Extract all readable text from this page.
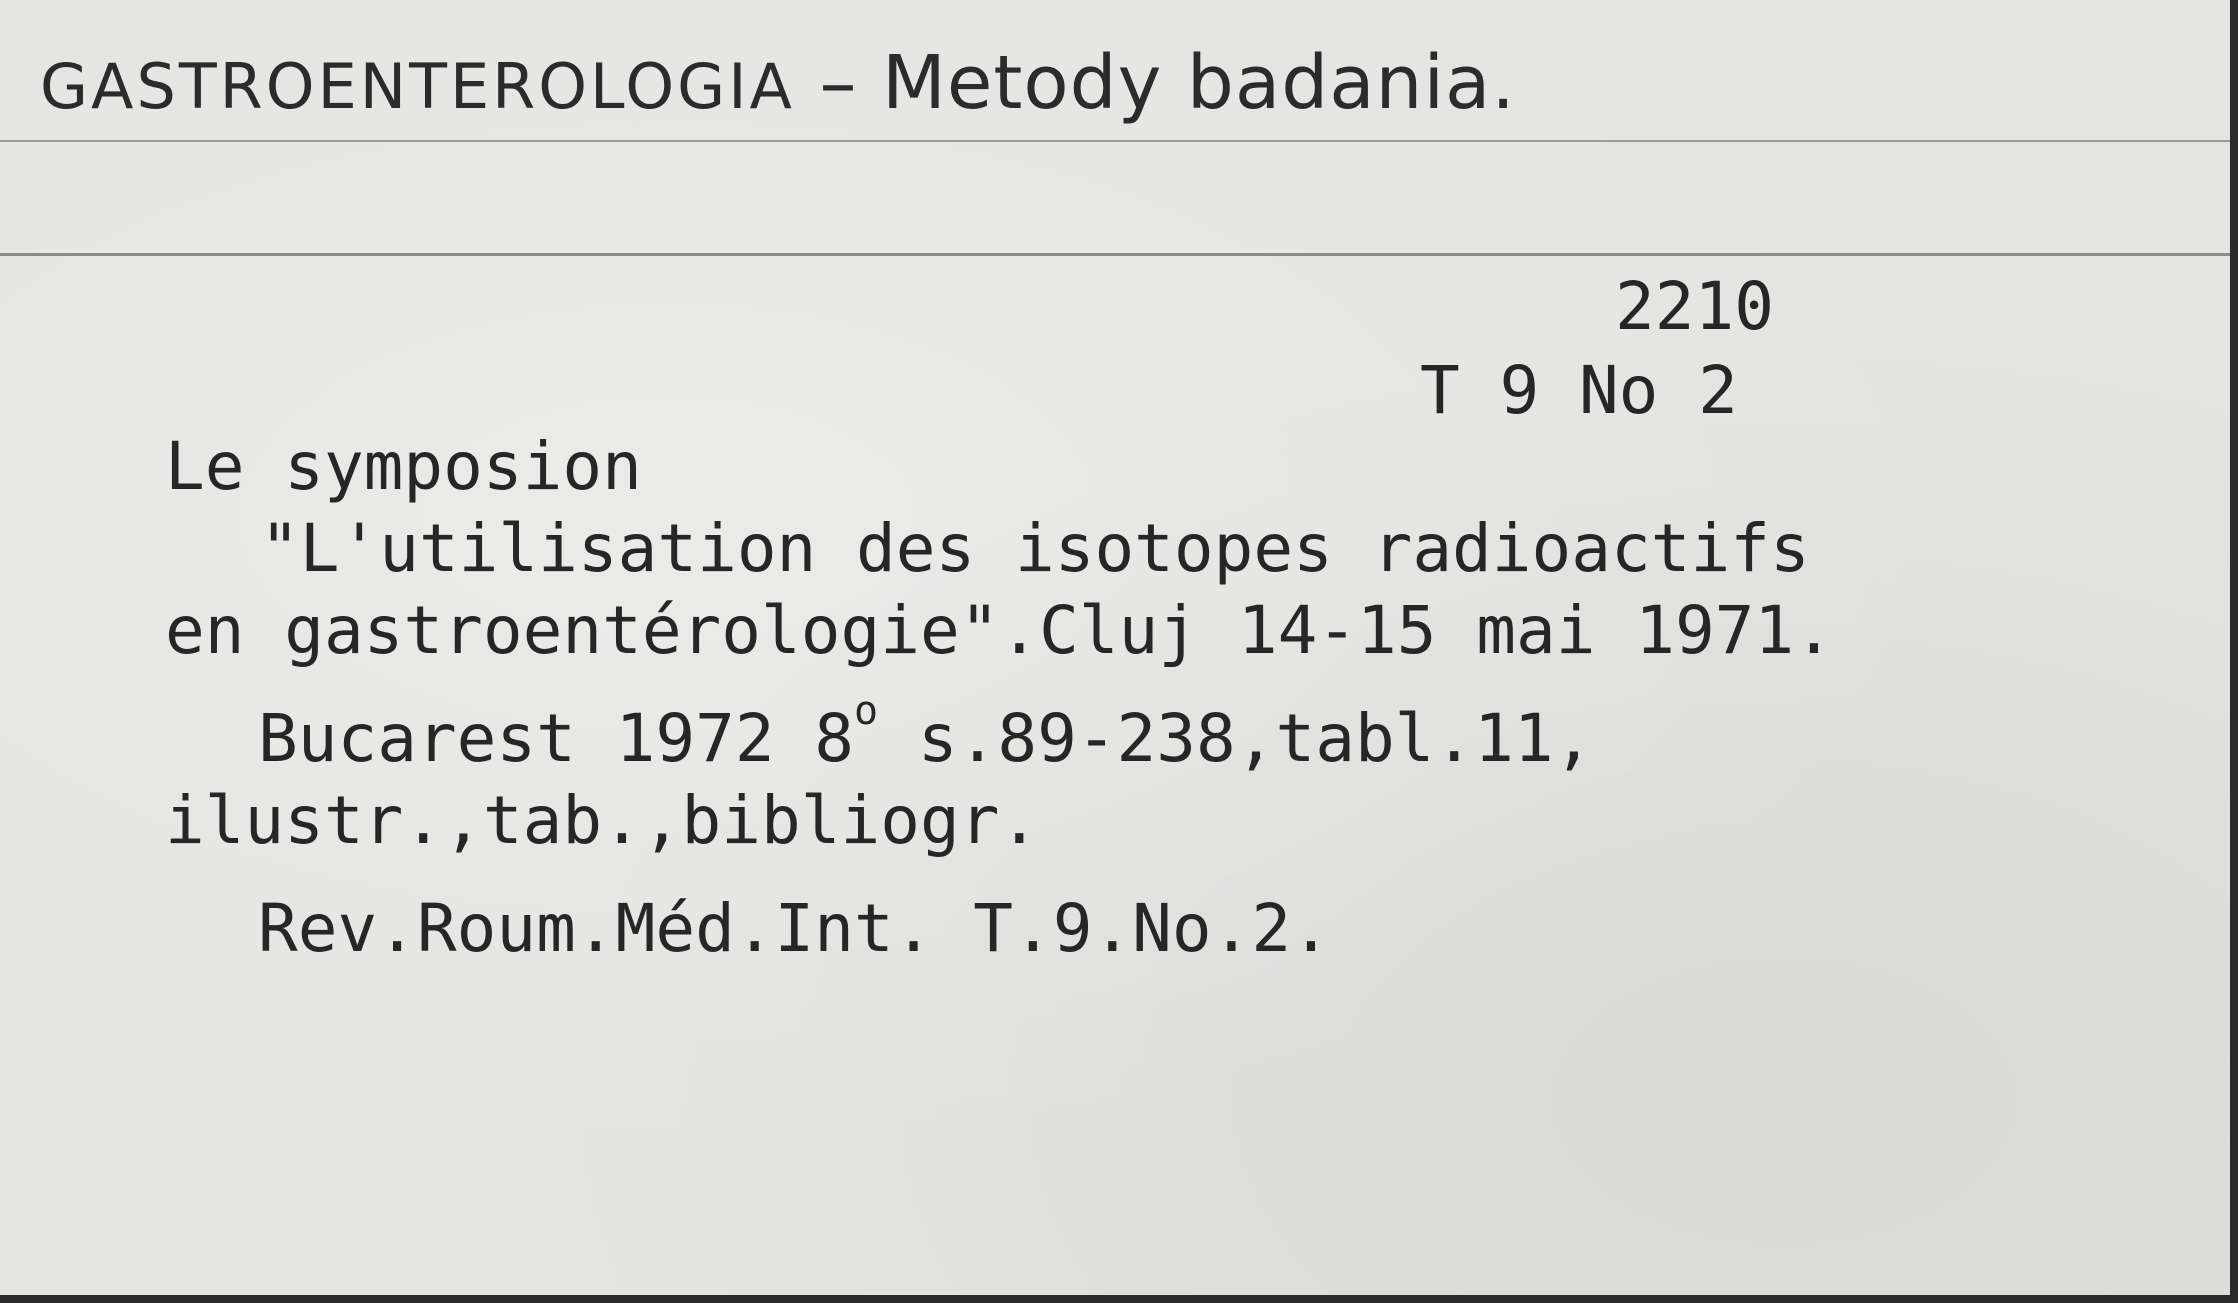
GASTROENTEROLOGIA – Metody badania.
2210
T 9 No 2
Le symposion
"L'utilisation des isotopes radioactifs
en gastroentérologie".Cluj 14-15 mai 1971.
Bucarest 1972 8$^o$ s.89-238,tabl.11,
ilustr.,tab.,bibliogr.
Rev.Roum.Méd.Int. T.9.No.2.
